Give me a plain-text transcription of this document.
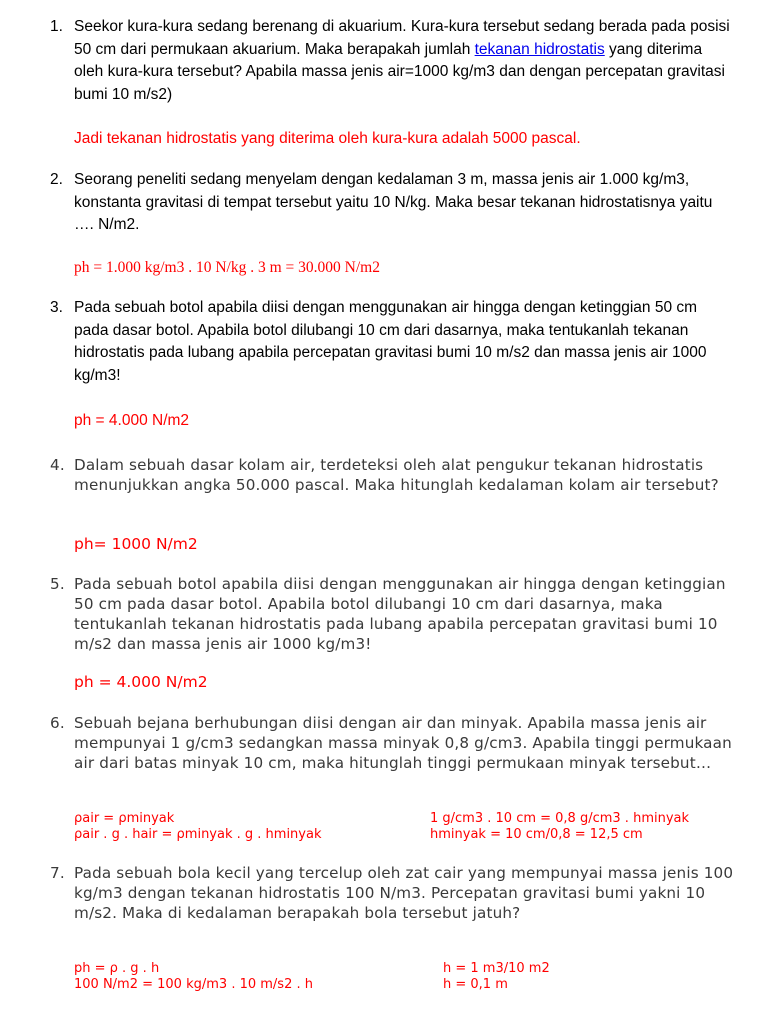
1. Seekor kura-kura sedang berenang di akuarium. Kura-kura tersebut sedang berada pada posisi 50 cm dari permukaan akuarium. Maka berapakah jumlah tekanan hidrostatis yang diterima oleh kura-kura tersebut? Apabila massa jenis air=1000 kg/m3 dan dengan percepatan gravitasi bumi 10 m/s2)
Jadi tekanan hidrostatis yang diterima oleh kura-kura adalah 5000 pascal.
2. Seorang peneliti sedang menyelam dengan kedalaman 3 m, massa jenis air 1.000 kg/m3, konstanta gravitasi di tempat tersebut yaitu 10 N/kg. Maka besar tekanan hidrostatisnya yaitu …. N/m2.
ph = 1.000 kg/m3 . 10 N/kg . 3 m = 30.000 N/m2
3. Pada sebuah botol apabila diisi dengan menggunakan air hingga dengan ketinggian 50 cm pada dasar botol. Apabila botol dilubangi 10 cm dari dasarnya, maka tentukanlah tekanan hidrostatis pada lubang apabila percepatan gravitasi bumi 10 m/s2 dan massa jenis air 1000 kg/m3!
ph = 4.000 N/m2
4. Dalam sebuah dasar kolam air, terdeteksi oleh alat pengukur tekanan hidrostatis menunjukkan angka 50.000 pascal. Maka hitunglah kedalaman kolam air tersebut?
ph= 1000 N/m2
5. Pada sebuah botol apabila diisi dengan menggunakan air hingga dengan ketinggian 50 cm pada dasar botol. Apabila botol dilubangi 10 cm dari dasarnya, maka tentukanlah tekanan hidrostatis pada lubang apabila percepatan gravitasi bumi 10 m/s2 dan massa jenis air 1000 kg/m3!
ph = 4.000 N/m2
6. Sebuah bejana berhubungan diisi dengan air dan minyak. Apabila massa jenis air mempunyai 1 g/cm3 sedangkan massa minyak 0,8 g/cm3. Apabila tinggi permukaan air dari batas minyak 10 cm, maka hitunglah tinggi permukaan minyak tersebut…
ρair = ρminyak
ρair . g . hair = ρminyak . g . hminyak
1 g/cm3 . 10 cm = 0,8 g/cm3 . hminyak
hminyak = 10 cm/0,8 = 12,5 cm
7. Pada sebuah bola kecil yang tercelup oleh zat cair yang mempunyai massa jenis 100 kg/m3 dengan tekanan hidrostatis 100 N/m3. Percepatan gravitasi bumi yakni 10 m/s2. Maka di kedalaman berapakah bola tersebut jatuh?
ph = ρ . g . h
100 N/m2 = 100 kg/m3 . 10 m/s2 . h
h = 1 m3/10 m2
h = 0,1 m
